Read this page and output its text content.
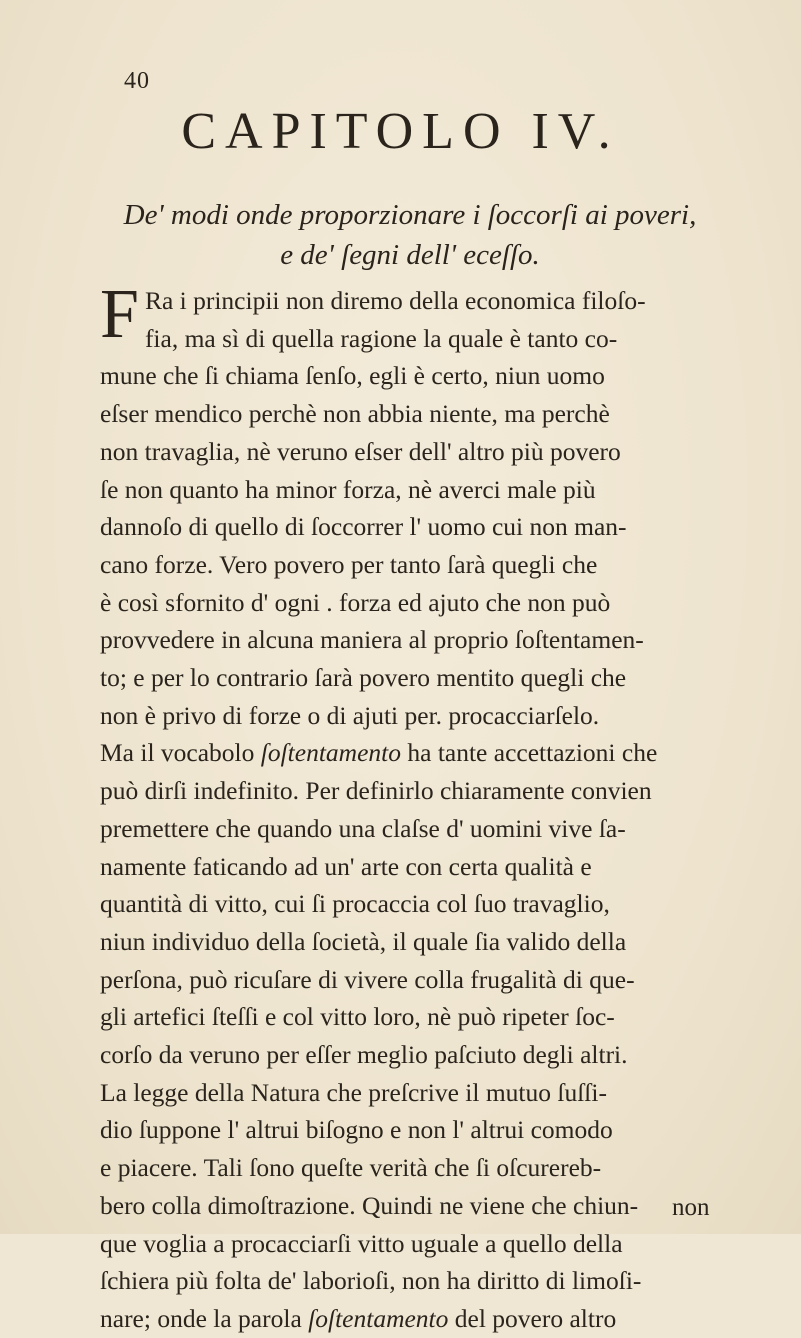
40
CAPITOLO IV.
De' modi onde proporzionare i ſoccorſi ai poveri,
e de' ſegni dell' eceſſo.
F Ra i principii non diremo della economica filoſo-
fia, ma sì di quella ragione la quale è tanto co-
mune che ſi chiama ſenſo, egli è certo, niun uomo
eſser mendico perchè non abbia niente, ma perchè
non travaglia, nè veruno eſser dell' altro più povero
ſe non quanto ha minor forza, nè averci male più
dannoſo di quello di ſoccorrer l' uomo cui non man-
cano forze. Vero povero per tanto ſarà quegli che
è così sfornito d' ogni . forza ed ajuto che non può
provvedere in alcuna maniera al proprio ſoſtentamen-
to; e per lo contrario ſarà povero mentito quegli che
non è privo di forze o di ajuti per. procacciarſelo.
Ma il vocabolo ſoſtentamento ha tante accettazioni che
può dirſi indefinito. Per definirlo chiaramente convien
premettere che quando una claſse d' uomini vive ſa-
namente faticando ad un' arte con certa qualità e
quantità di vitto, cui ſi procaccia col ſuo travaglio,
niun individuo della ſocietà, il quale ſia valido della
perſona, può ricuſare di vivere colla frugalità di que-
gli artefici ſteſſi e col vitto loro, nè può ripeter ſoc-
corſo da veruno per eſſer meglio paſciuto degli altri.
La legge della Natura che preſcrive il mutuo ſuſſi-
dio ſuppone l' altrui biſogno e non l' altrui comodo
e piacere. Tali ſono queſte verità che ſi oſcurereb-
bero colla dimoſtrazione. Quindi ne viene che chiun-
que voglia a procacciarſi vitto uguale a quello della
ſchiera più folta de' laborioſi, non ha diritto di limoſi-
nare; onde la parola ſoſtentamento del povero altro
non
